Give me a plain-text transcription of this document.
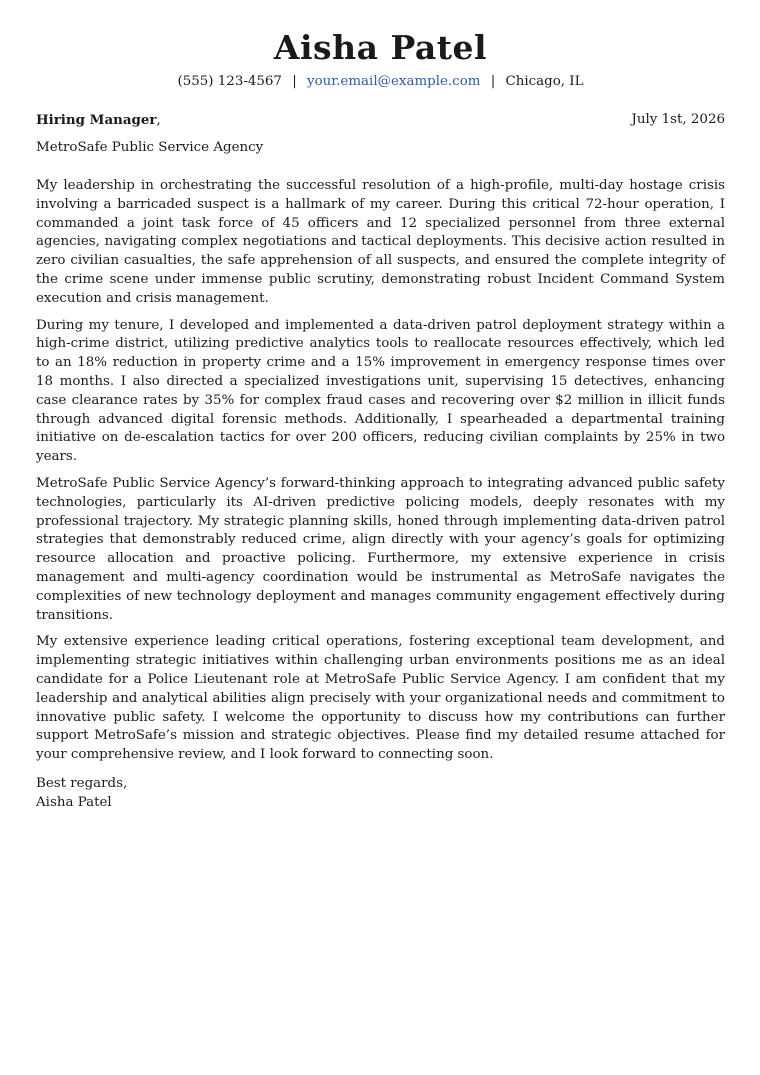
Aisha Patel
(555) 123-4567 | your.email@example.com | Chicago, IL
Hiring Manager,	July 1st, 2026
MetroSafe Public Service Agency

My leadership in orchestrating the successful resolution of a high-profile, multi-day hostage crisis involving a barricaded suspect is a hallmark of my career. During this critical 72-hour operation, I commanded a joint task force of 45 officers and 12 specialized personnel from three external agencies, navigating complex negotiations and tactical deployments. This decisive action resulted in zero civilian casualties, the safe apprehension of all suspects, and ensured the complete integrity of the crime scene under immense public scrutiny, demonstrating robust Incident Command System execution and crisis management.

During my tenure, I developed and implemented a data-driven patrol deployment strategy within a high-crime district, utilizing predictive analytics tools to reallocate resources effectively, which led to an 18% reduction in property crime and a 15% improvement in emergency response times over 18 months. I also directed a specialized investigations unit, supervising 15 detectives, enhancing case clearance rates by 35% for complex fraud cases and recovering over $2 million in illicit funds through advanced digital forensic methods. Additionally, I spearheaded a departmental training initiative on de-escalation tactics for over 200 officers, reducing civilian complaints by 25% in two years.

MetroSafe Public Service Agency’s forward-thinking approach to integrating advanced public safety technologies, particularly its AI-driven predictive policing models, deeply resonates with my professional trajectory. My strategic planning skills, honed through implementing data-driven patrol strategies that demonstrably reduced crime, align directly with your agency’s goals for optimizing resource allocation and proactive policing. Furthermore, my extensive experience in crisis management and multi-agency coordination would be instrumental as MetroSafe navigates the complexities of new technology deployment and manages community engagement effectively during transitions.

My extensive experience leading critical operations, fostering exceptional team development, and implementing strategic initiatives within challenging urban environments positions me as an ideal candidate for a Police Lieutenant role at MetroSafe Public Service Agency. I am confident that my leadership and analytical abilities align precisely with your organizational needs and commitment to innovative public safety. I welcome the opportunity to discuss how my contributions can further support MetroSafe’s mission and strategic objectives. Please find my detailed resume attached for your comprehensive review, and I look forward to connecting soon.

Best regards,
Aisha Patel
